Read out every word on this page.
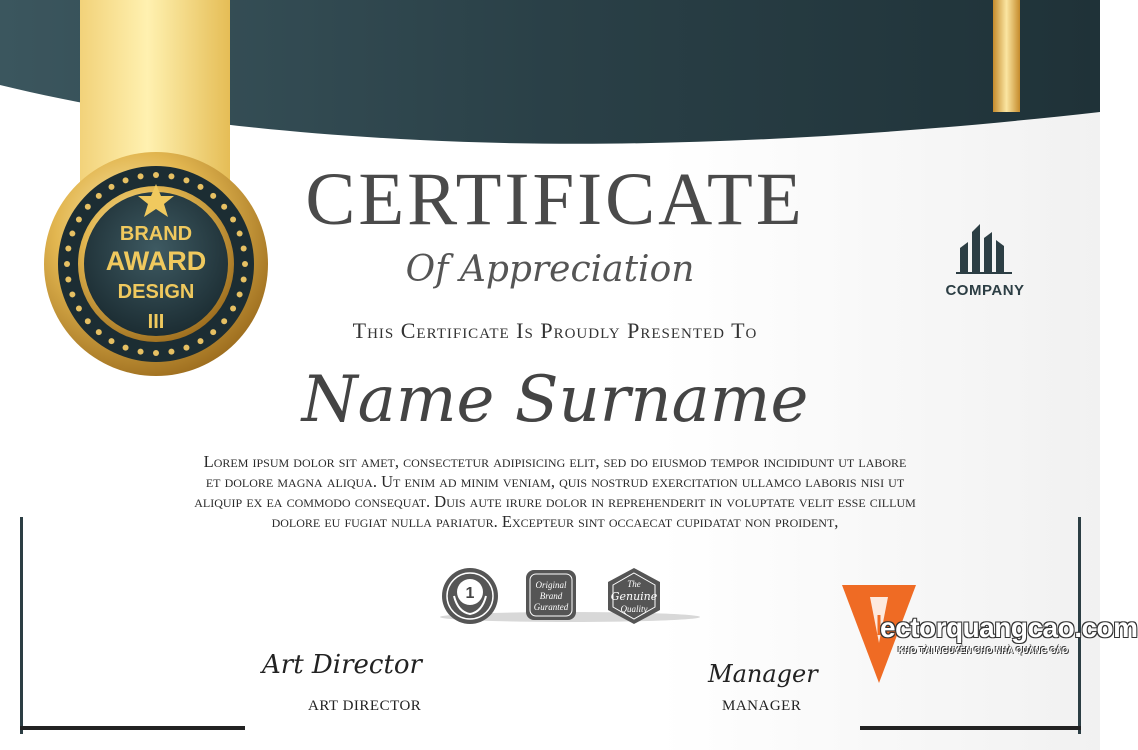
BRAND
AWARD
DESIGN
III
CERTIFICATE
Of Appreciation
This Certificate Is Proudly Presented To
Name Surname
Lorem ipsum dolor sit amet, consectetur adipisicing elit, sed do eiusmod tempor incididunt ut labore
et dolore magna aliqua. Ut enim ad minim veniam, quis nostrud exercitation ullamco laboris nisi ut
aliquip ex ea commodo consequat. Duis aute irure dolor in reprehenderit in voluptate velit esse cillum
dolore eu fugiat nulla pariatur. Excepteur sint occaecat cupidatat non proident,
COMPANY
1	Original
Brand
Guranted
The
Genuine
Quality
Art Director
ART DIRECTOR
Manager
MANAGER
ectorquangcao.com
KHO TÀI NGUYÊN CHO NHÀ QUẢNG CÁO
